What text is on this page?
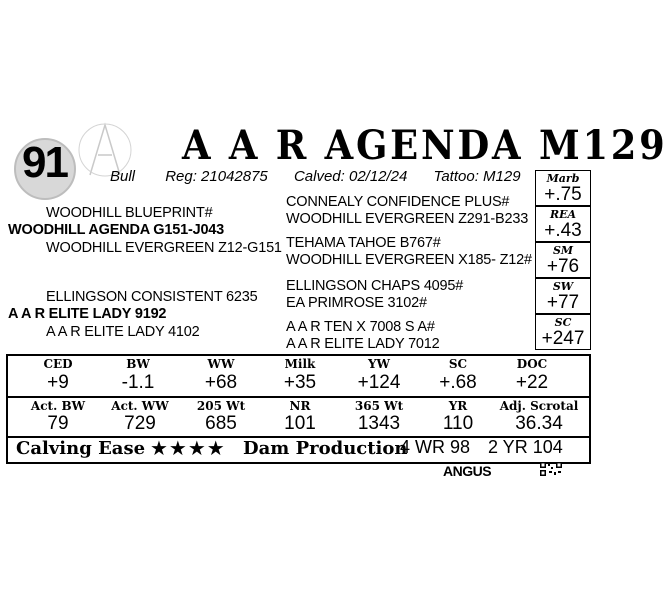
91	A A R AGENDA M129
Bull Reg: 21042875 Calved: 02/12/24 Tattoo: M129
WOODHILL BLUEPRINT#
WOODHILL AGENDA G151-J043
WOODHILL EVERGREEN Z12-G151
ELLINGSON CONSISTENT 6235
A A R ELITE LADY 9192
A A R ELITE LADY 4102
CONNEALY CONFIDENCE PLUS#
WOODHILL EVERGREEN Z291-B233
TEHAMA TAHOE B767#
WOODHILL EVERGREEN X185- Z12#
ELLINGSON CHAPS 4095#
EA PRIMROSE 3102#
A A R TEN X 7008 S A#
A A R ELITE LADY 7012
Marb
+.75
REA
+.43
SM
+76
SW
+77
SC
+247
CED	BW	WW	Milk	YW	SC	DOC
+9	-1.1	+68	+35	+124	+.68	+22
Act. BW	Act. WW	205 Wt	NR	365 Wt	YR	Adj. Scrotal
79	729	685	101	1343	110	36.34
Calving Ease ★★★★ Dam Production
4 WR 98 2 YR 104
ANGUS
